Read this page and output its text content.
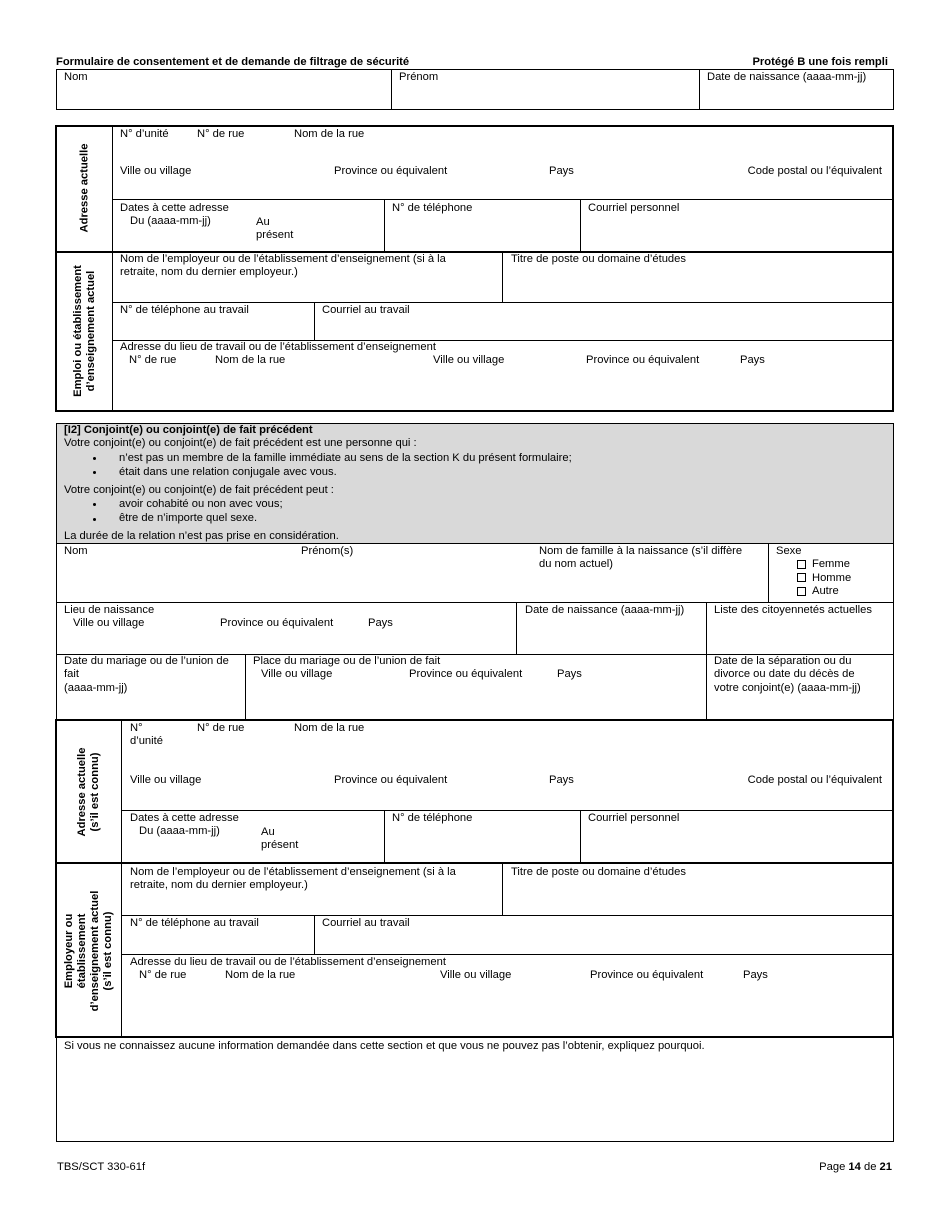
Formulaire de consentement et de demande de filtrage de sécurité	Protégé B une fois rempli
Nom	Prénom	Date de naissance (aaaa-mm-jj)
Adresse actuelle
Emploi ou établissement d’enseignement actuel
N° d’unité	N° de rue	Nom de la rue
Ville ou village	Province ou équivalent	Pays	Code postal ou l’équivalent
Dates à cette adresse
Du (aaaa-mm-jj)	Au
présent
N° de téléphone	Courriel personnel
Nom de l’employeur ou de l’établissement d’enseignement (si à la
retraite, nom du dernier employeur.)
Titre de poste ou domaine d’études
N° de téléphone au travail	Courriel au travail
Adresse du lieu de travail ou de l’établissement d’enseignement
N° de rue	Nom de la rue	Ville ou village	Province ou équivalent	Pays
[I2] Conjoint(e) ou conjoint(e) de fait précédent
Votre conjoint(e) ou conjoint(e) de fait précédent est une personne qui :
n’est pas un membre de la famille immédiate au sens de la section K du présent formulaire;
était dans une relation conjugale avec vous.
Votre conjoint(e) ou conjoint(e) de fait précédent peut :
avoir cohabité ou non avec vous;
être de n’importe quel sexe.
La durée de la relation n’est pas prise en considération.
Nom	Prénom(s)	Nom de famille à la naissance (s’il diffère
du nom actuel)
Sexe
Femme
Homme
Autre
Lieu de naissance
Ville ou village	Province ou équivalent	Pays
Date de naissance (aaaa-mm-jj)	Liste des citoyennetés actuelles
Date du mariage ou de l’union de
fait
(aaaa-mm-jj)
Place du mariage ou de l’union de fait
Ville ou village	Province ou équivalent	Pays
Date de la séparation ou du
divorce ou date du décès de
votre conjoint(e) (aaaa-mm-jj)
Adresse actuelle (s’il est connu)
Employeur ou établissement d’enseignement actuel (s’il est connu)
N°
d’unité
N° de rue	Nom de la rue
Ville ou village	Province ou équivalent	Pays	Code postal ou l’équivalent
Dates à cette adresse
Du (aaaa-mm-jj)	Au
présent
N° de téléphone	Courriel personnel
Nom de l’employeur ou de l’établissement d’enseignement (si à la
retraite, nom du dernier employeur.)
Titre de poste ou domaine d’études
N° de téléphone au travail	Courriel au travail
Adresse du lieu de travail ou de l’établissement d’enseignement
N° de rue	Nom de la rue	Ville ou village	Province ou équivalent	Pays
Si vous ne connaissez aucune information demandée dans cette section et que vous ne pouvez pas l’obtenir, expliquez pourquoi.
TBS/SCT 330-61f	Page 14 de 21
